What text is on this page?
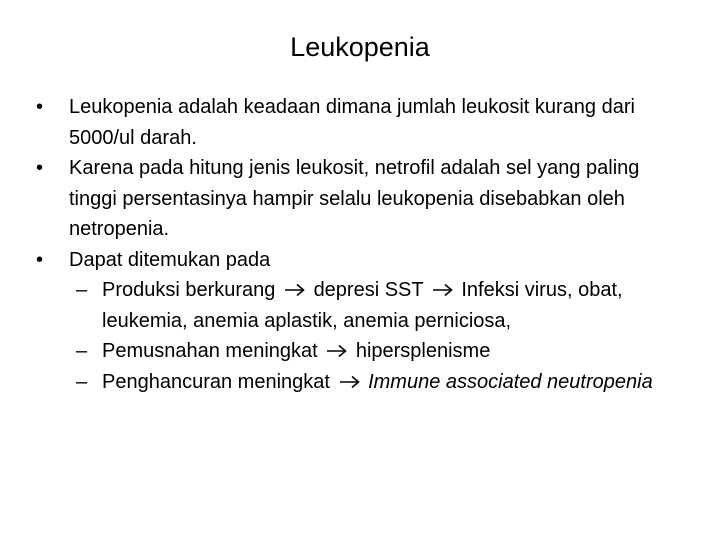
Leukopenia

• Leukopenia adalah keadaan dimana jumlah leukosit kurang dari 5000/ul darah.

• Karena pada hitung jenis leukosit, netrofil adalah sel yang paling tinggi persentasinya hampir selalu leukopenia disebabkan oleh netropenia.

• Dapat ditemukan pada

– Produksi berkurang depresi SST Infeksi virus, obat, leukemia, anemia aplastik, anemia perniciosa,

– Pemusnahan meningkat hipersplenisme

– Penghancuran meningkat Immune associated neutropenia
